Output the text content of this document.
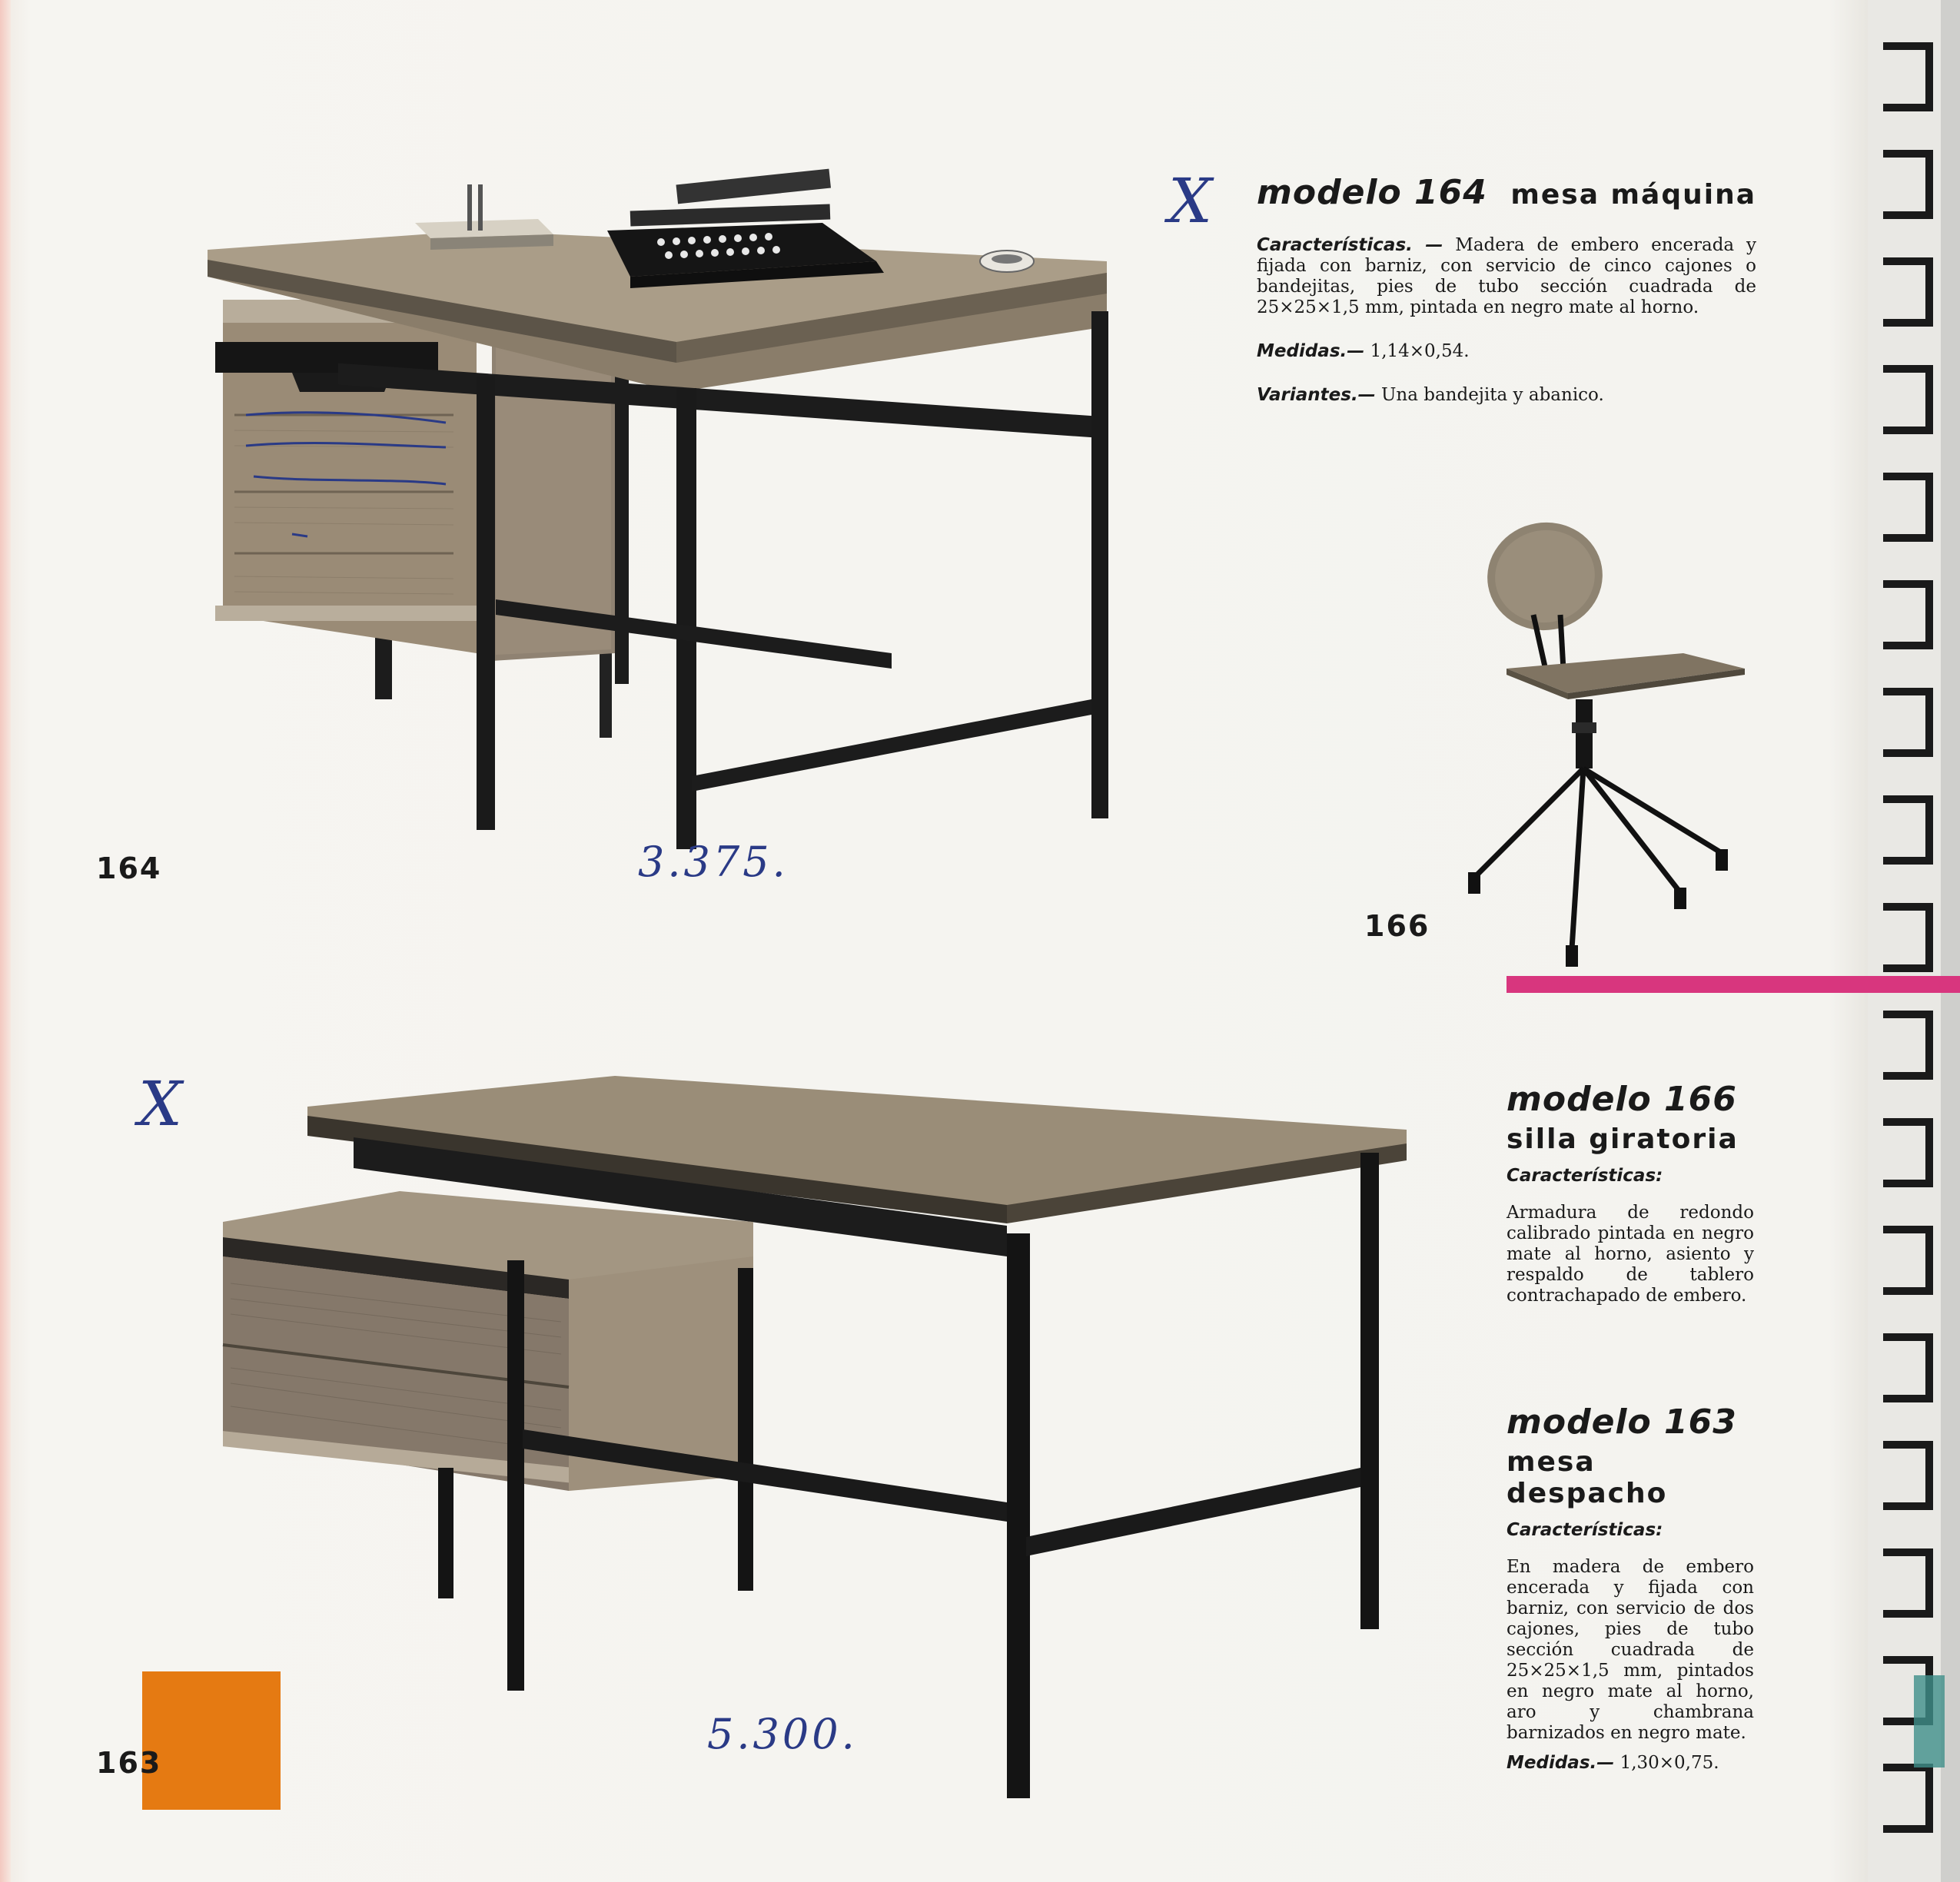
modelo 164 mesa máquina
Características. — Madera de embero encerada y fijada con barniz, con servicio de cinco cajones o bandejitas, pies de tubo sección cuadrada de 25×25×1,5 mm, pintada en negro mate al horno.
Medidas.— 1,14×0,54.
Variantes.— Una bandejita y abanico.
X
3.375.
X
5.300.
164
166
modelo 166
silla giratoria
Características:
Armadura de redondo calibrado pintada en negro mate al horno, asiento y respaldo de tablero contrachapado de embero.
modelo 163
mesa despacho
Características:
En madera de embero encerada y fijada con barniz, con servicio de dos cajones, pies de tubo sección cuadrada de 25×25×1,5 mm, pintados en negro mate al horno, aro y chambrana barnizados en negro mate.
Medidas.— 1,30×0,75.
163
